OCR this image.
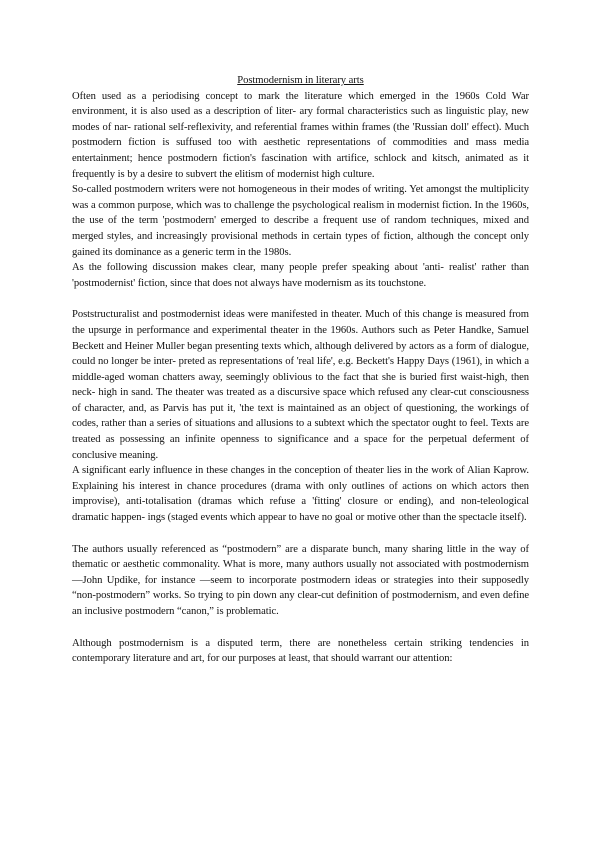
Postmodernism in literary arts

Often used as a periodising concept to mark the literature which emerged in the 1960s Cold War environment, it is also used as a description of liter- ary formal characteristics such as linguistic play, new modes of nar- rational self-reflexivity, and referential frames within frames (the 'Russian doll' effect). Much postmodern fiction is suffused too with aesthetic representations of commodities and mass media entertainment; hence postmodern fiction's fascination with artifice, schlock and kitsch, animated as it frequently is by a desire to subvert the elitism of modernist high culture.

So-called postmodern writers were not homogeneous in their modes of writing. Yet amongst the multiplicity was a common purpose, which was to challenge the psychological realism in modernist fiction. In the 1960s, the use of the term 'postmodern' emerged to describe a frequent use of random techniques, mixed and merged styles, and increasingly provisional methods in certain types of fiction, although the concept only gained its dominance as a generic term in the 1980s.

As the following discussion makes clear, many people prefer speaking about 'anti- realist' rather than 'postmodernist' fiction, since that does not always have modernism as its touchstone.

Poststructuralist and postmodernist ideas were manifested in theater. Much of this change is measured from the upsurge in performance and experimental theater in the 1960s. Authors such as Peter Handke, Samuel Beckett and Heiner Muller began presenting texts which, although delivered by actors as a form of dialogue, could no longer be inter- preted as representations of 'real life', e.g. Beckett's Happy Days (1961), in which a middle-aged woman chatters away, seemingly oblivious to the fact that she is buried first waist-high, then neck- high in sand. The theater was treated as a discursive space which refused any clear-cut consciousness of character, and, as Parvis has put it, 'the text is maintained as an object of questioning, the workings of codes, rather than a series of situations and allusions to a subtext which the spectator ought to feel. Texts are treated as possessing an infinite openness to significance and a space for the perpetual deferment of conclusive meaning.

A significant early influence in these changes in the conception of theater lies in the work of Alian Kaprow. Explaining his interest in chance procedures (drama with only outlines of actions on which actors then improvise), anti-totalisation (dramas which refuse a 'fitting' closure or ending), and non-teleological dramatic happen- ings (staged events which appear to have no goal or motive other than the spectacle itself).

The authors usually referenced as “postmodern” are a disparate bunch, many sharing little in the way of thematic or aesthetic commonality. What is more, many authors usually not associated with postmodernism—John Updike, for instance —seem to incorporate postmodern ideas or strategies into their supposedly “non-postmodern” works. So trying to pin down any clear-cut definition of postmodernism, and even define an inclusive postmodern “canon,” is problematic.

Although postmodernism is a disputed term, there are nonetheless certain striking tendencies in contemporary literature and art, for our purposes at least, that should warrant our attention:
